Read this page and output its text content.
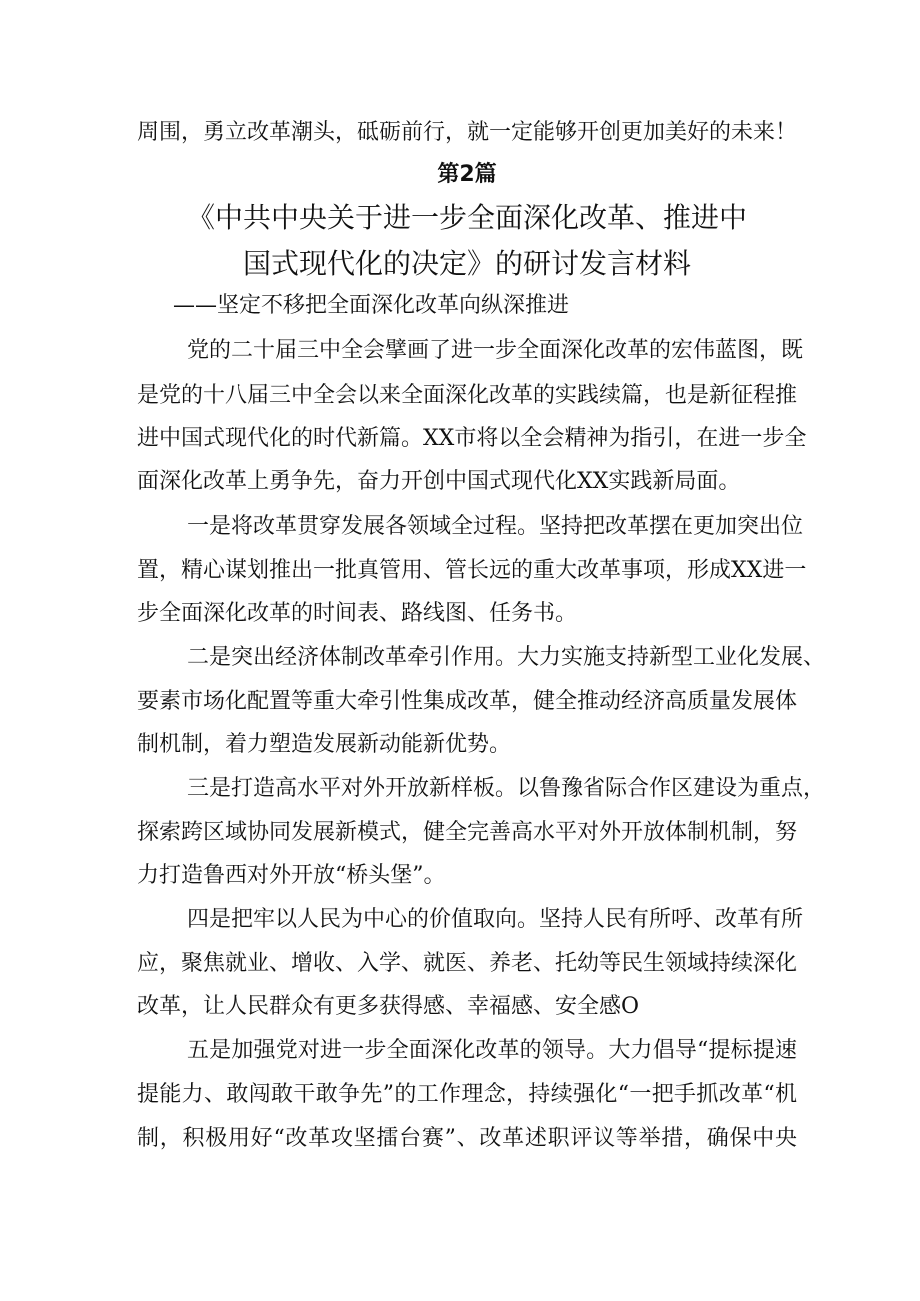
周围，勇立改革潮头，砥砺前行，就一定能够开创更加美好的未来！
第2篇
《中共中央关于进一步全面深化改革、推进中
国式现代化的决定》的研讨发言材料
——坚定不移把全面深化改革向纵深推进
党的二十届三中全会擘画了进一步全面深化改革的宏伟蓝图，既
是党的十八届三中全会以来全面深化改革的实践续篇，也是新征程推
进中国式现代化的时代新篇。XX市将以全会精神为指引，在进一步全
面深化改革上勇争先，奋力开创中国式现代化XX实践新局面。
一是将改革贯穿发展各领域全过程。坚持把改革摆在更加突出位
置，精心谋划推出一批真管用、管长远的重大改革事项，形成XX进一
步全面深化改革的时间表、路线图、任务书。
二是突出经济体制改革牵引作用。大力实施支持新型工业化发展、
要素市场化配置等重大牵引性集成改革，健全推动经济高质量发展体
制机制，着力塑造发展新动能新优势。
三是打造高水平对外开放新样板。以鲁豫省际合作区建设为重点，
探索跨区域协同发展新模式，健全完善高水平对外开放体制机制，努
力打造鲁西对外开放“桥头堡”。
四是把牢以人民为中心的价值取向。坚持人民有所呼、改革有所
应，聚焦就业、增收、入学、就医、养老、托幼等民生领域持续深化
改革，让人民群众有更多获得感、幸福感、安全感O
五是加强党对进一步全面深化改革的领导。大力倡导“提标提速
提能力、敢闯敢干敢争先”的工作理念，持续强化“一把手抓改革“机
制，积极用好“改革攻坚擂台赛”、改革述职评议等举措，确保中央
